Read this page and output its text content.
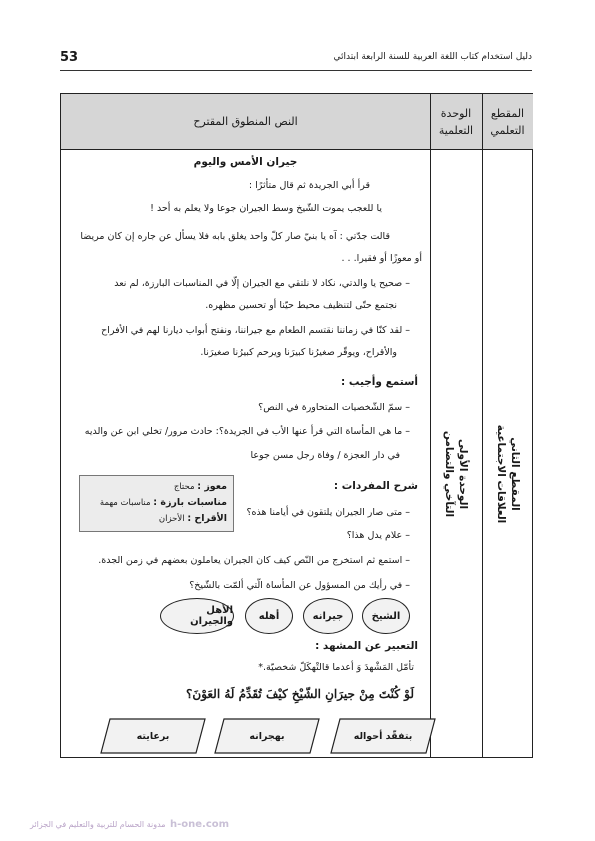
53	دليل استخدام كتاب اللغة العربية للسنة الرابعة ابتدائي
النص المنطوق المقترح
الوحدة التعلمية
المقطع التعلمي
المقطع الثاني
العلاقات الاجتماعية
الوحدة الأولى
التآخي والتضامن
جيران الأمس واليوم
قرأ أبي الجريدة ثم قال متأثرًا :
يا للعجب يموت الشّيخ وسط الجيران جوعا ولا يعلم به أحد !
قالت جدّتي : آه يا بنيّ صار كلّ واحد يغلق بابه فلا يسأل عن جاره إن كان مريضا
أو معوزًا أو فقيرا. . .
– صحيح يا والدتي، نكاد لا نلتقي مع الجيران إلّا في المناسبات البارزة، لم نعد
نجتمع حتّى لتنظيف محيط حيّنا أو تحسين مظهره.
– لقد كنّا في زماننا نقتسم الطعام مع جيراننا، ونفتح أبواب ديارنا لهم في الأفراح
والأقراح، ويوقّر صغيرُنا كبيرَنا ويرحم كبيرُنا صغيرَنا.
أستمع وأجيب :
– سمّ الشّخصيات المتحاورة في النص؟
– ما هي المأساة التي قرأ عنها الأب في الجريدة؟: حادث مرور/ تخلي ابن عن والديه
في دار العجزة / وفاة رجل مسن جوعا
شرح المفردات :
– متى صار الجيران يلتقون في أيامنا هذه؟
– علام يدل هذا؟
– استمع ثم استخرج من النّص كيف كان الجيران يعاملون بعضهم في زمن الجدة.
– في رأيك من المسؤول عن المأساة الّتي ألمّت بالشّيخ؟
التعبير عن المشهد :
تأمّل المَشْهدَ وَ أعدما قالتْهكَلّ شخصيّة.*
لَوْ كُنْتَ مِنْ جيرَانِ الشّيْخِ كيْفَ تُقَدِّمُ لَهُ العَوْنَ؟
معوز : محتاج
مناسبات بارزة : مناسبات مهمة
الأقراح : الأحزان
الشيخ
جيرانه
أهله
الأهل والجيران
بتفقّد أحواله
بهجرانه
برعايته
h-one.com
مدونة الحسام للتربية والتعليم في الجزائر
